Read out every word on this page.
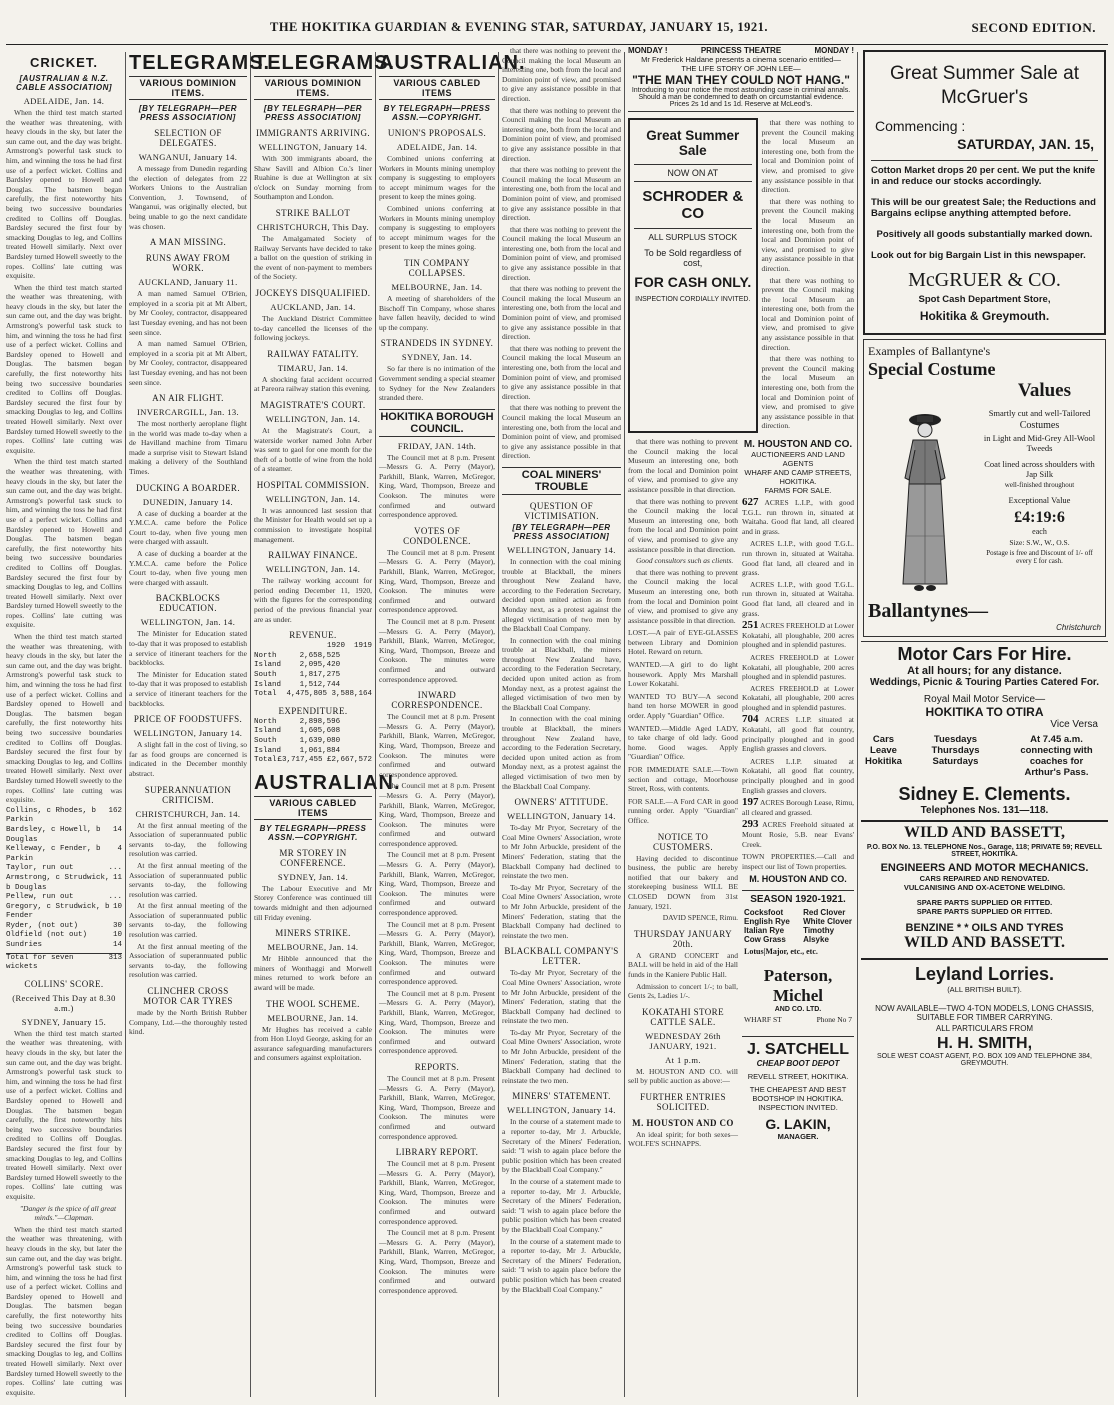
THE HOKITIKA GUARDIAN & EVENING STAR, SATURDAY, JANUARY 15, 1921.	SECOND EDITION.
CRICKET.
[AUSTRALIAN & N.Z. CABLE ASSOCIATION]
ADELAIDE, Jan. 14.

When the third test match started the weather was threatening, with heavy clouds in the sky, but later the sun came out, and the day was bright. Armstrong's powerful task stuck to him, and winning the toss he had first use of a perfect wicket. Collins and Bardsley opened to Howell and Douglas. The batsmen began carefully, the first noteworthy hits being two successive boundaries credited to Collins off Douglas. Bardsley secured the first four by smacking Douglas to leg, and Collins treated Howell similarly. Next over Bardsley turned Howell sweetly to the ropes. Collins' late cutting was exquisite.

When the third test match started the weather was threatening, with heavy clouds in the sky, but later the sun came out, and the day was bright. Armstrong's powerful task stuck to him, and winning the toss he had first use of a perfect wicket. Collins and Bardsley opened to Howell and Douglas. The batsmen began carefully, the first noteworthy hits being two successive boundaries credited to Collins off Douglas. Bardsley secured the first four by smacking Douglas to leg, and Collins treated Howell similarly. Next over Bardsley turned Howell sweetly to the ropes. Collins' late cutting was exquisite.

When the third test match started the weather was threatening, with heavy clouds in the sky, but later the sun came out, and the day was bright. Armstrong's powerful task stuck to him, and winning the toss he had first use of a perfect wicket. Collins and Bardsley opened to Howell and Douglas. The batsmen began carefully, the first noteworthy hits being two successive boundaries credited to Collins off Douglas. Bardsley secured the first four by smacking Douglas to leg, and Collins treated Howell similarly. Next over Bardsley turned Howell sweetly to the ropes. Collins' late cutting was exquisite.

When the third test match started the weather was threatening, with heavy clouds in the sky, but later the sun came out, and the day was bright. Armstrong's powerful task stuck to him, and winning the toss he had first use of a perfect wicket. Collins and Bardsley opened to Howell and Douglas. The batsmen began carefully, the first noteworthy hits being two successive boundaries credited to Collins off Douglas. Bardsley secured the first four by smacking Douglas to leg, and Collins treated Howell similarly. Next over Bardsley turned Howell sweetly to the ropes. Collins' late cutting was exquisite.

Collins, c Rhodes, b Parkin
162
Bardsley, c Howell, b Douglas
14
Kelleway, c Fender, b Parkin
4
Taylor, run out	...
Armstrong, c Strudwick, b Douglas
11
Pellew, run out	...
Gregory, c Strudwick, b Fender
10
Ryder, (not out)	30
Oldfield (not out)	10
Sundries	14
Total for seven wickets
313
COLLINS' SCORE.
(Received This Day at 8.30 a.m.)
SYDNEY, January 15.

When the third test match started the weather was threatening, with heavy clouds in the sky, but later the sun came out, and the day was bright. Armstrong's powerful task stuck to him, and winning the toss he had first use of a perfect wicket. Collins and Bardsley opened to Howell and Douglas. The batsmen began carefully, the first noteworthy hits being two successive boundaries credited to Collins off Douglas. Bardsley secured the first four by smacking Douglas to leg, and Collins treated Howell similarly. Next over Bardsley turned Howell sweetly to the ropes. Collins' late cutting was exquisite.

"Danger is the spice of all great minds."—Clapman.

When the third test match started the weather was threatening, with heavy clouds in the sky, but later the sun came out, and the day was bright. Armstrong's powerful task stuck to him, and winning the toss he had first use of a perfect wicket. Collins and Bardsley opened to Howell and Douglas. The batsmen began carefully, the first noteworthy hits being two successive boundaries credited to Collins off Douglas. Bardsley secured the first four by smacking Douglas to leg, and Collins treated Howell similarly. Next over Bardsley turned Howell sweetly to the ropes. Collins' late cutting was exquisite.

TELEGRAMS.
VARIOUS DOMINION ITEMS.
[BY TELEGRAPH—PER PRESS ASSOCIATION]
SELECTION OF DELEGATES.
WANGANUI, January 14.

A message from Dunedin regarding the election of delegates from 22 Workers Unions to the Australian Convention, J. Townsend, of Wanganui, was originally elected, but being unable to go the next candidate was chosen.

A MAN MISSING.
RUNS AWAY FROM WORK.
AUCKLAND, January 11.

A man named Samuel O'Brien, employed in a scoria pit at Mt Albert, by Mr Cooley, contractor, disappeared last Tuesday evening, and has not been seen since.

A man named Samuel O'Brien, employed in a scoria pit at Mt Albert, by Mr Cooley, contractor, disappeared last Tuesday evening, and has not been seen since.

AN AIR FLIGHT.
INVERCARGILL, Jan. 13.

The most northerly aeroplane flight in the world was made to-day when a de Havilland machine from Timaru made a surprise visit to Stewart Island making a delivery of the Southland Times.

DUCKING A BOARDER.
DUNEDIN, January 14.

A case of ducking a boarder at the Y.M.C.A. came before the Police Court to-day, when five young men were charged with assault.

A case of ducking a boarder at the Y.M.C.A. came before the Police Court to-day, when five young men were charged with assault.

BACKBLOCKS EDUCATION.
WELLINGTON, Jan. 14.

The Minister for Education stated to-day that it was proposed to establish a service of itinerant teachers for the backblocks.

The Minister for Education stated to-day that it was proposed to establish a service of itinerant teachers for the backblocks.

PRICE OF FOODSTUFFS.
WELLINGTON, January 14.

A slight fall in the cost of living, so far as food groups are concerned is indicated in the December monthly abstract.

SUPERANNUATION CRITICISM.
CHRISTCHURCH, Jan. 14.

At the first annual meeting of the Association of superannuated public servants to-day, the following resolution was carried.

At the first annual meeting of the Association of superannuated public servants to-day, the following resolution was carried.

At the first annual meeting of the Association of superannuated public servants to-day, the following resolution was carried.

At the first annual meeting of the Association of superannuated public servants to-day, the following resolution was carried.

CLINCHER CROSS MOTOR CAR TYRES

made by the North British Rubber Company, Ltd.—the thoroughly tested kind.

TELEGRAMS.
VARIOUS DOMINION ITEMS.
[BY TELEGRAPH—PER PRESS ASSOCIATION]
IMMIGRANTS ARRIVING.
WELLINGTON, January 14.

With 300 immigrants aboard, the Shaw Savill and Albion Co.'s liner Ruahine is due at Wellington at six o'clock on Sunday morning from Southampton and London.

STRIKE BALLOT
CHRISTCHURCH, This Day.

The Amalgamated Society of Railway Servants have decided to take a ballot on the question of striking in the event of non-payment to members of the Society.

JOCKEYS DISQUALIFIED.
AUCKLAND, Jan. 14.

The Auckland District Committee to-day cancelled the licenses of the following jockeys.

RAILWAY FATALITY.
TIMARU, Jan. 14.

A shocking fatal accident occurred at Pareora railway station this evening.

MAGISTRATE'S COURT.
WELLINGTON, Jan. 14.

At the Magistrate's Court, a waterside worker named John Arber was sent to gaol for one month for the theft of a bottle of wine from the hold of a steamer.

HOSPITAL COMMISSION.
WELLINGTON, Jan. 14.

It was announced last session that the Minister for Health would set up a commission to investigate hospital management.

RAILWAY FINANCE.
WELLINGTON, Jan. 14.

The railway working account for period ending December 11, 1920, with the figures for the corresponding period of the previous financial year are as under.

REVENUE.
1920 1919
North Island
2,658,525 2,095,420
South Island
1,817,275 1,512,744
Total 4,475,805 3,588,164
EXPENDITURE.
North Island
2,898,596 1,605,608
South Island
1,639,080 1,061,884
Total £3,717,455 £2,667,572
AUSTRALIAN.
VARIOUS CABLED ITEMS
BY TELEGRAPH—PRESS ASSN.—COPYRIGHT.
MR STOREY IN CONFERENCE.
SYDNEY, Jan. 14.

The Labour Executive and Mr Storey Conference was continued till towards midnight and then adjourned till Friday evening.

MINERS STRIKE.
MELBOURNE, Jan. 14.

Mr Hibble announced that the miners of Wonthaggi and Morwell mines returned to work before an award will be made.

THE WOOL SCHEME.
MELBOURNE, Jan. 14.

Mr Hughes has received a cable from Hon Lloyd George, asking for an assurance safeguarding manufacturers and consumers against exploitation.

AUSTRALIAN.
VARIOUS CABLED ITEMS
BY TELEGRAPH—PRESS ASSN.—COPYRIGHT.
UNION'S PROPOSALS.
ADELAIDE, Jan. 14.

Combined unions conferring at Workers in Mounts mining unemploy company is suggesting to employers to accept minimum wages for the present to keep the mines going.

Combined unions conferring at Workers in Mounts mining unemploy company is suggesting to employers to accept minimum wages for the present to keep the mines going.

TIN COMPANY COLLAPSES.
MELBOURNE, Jan. 14.

A meeting of shareholders of the Bischoff Tin Company, whose shares have fallen heavily, decided to wind up the company.

STRANDEDS IN SYDNEY.
SYDNEY, Jan. 14.

So far there is no intimation of the Government sending a special steamer to Sydney for the New Zealanders stranded there.

HOKITIKA BOROUGH COUNCIL.
FRIDAY, JAN. 14th.

The Council met at 8 p.m. Present—Messrs G. A. Perry (Mayor), Parkhill, Blank, Warren, McGregor, King, Ward, Thompson, Breeze and Cookson. The minutes were confirmed and outward correspondence approved.

VOTES OF CONDOLENCE.

The Council met at 8 p.m. Present—Messrs G. A. Perry (Mayor), Parkhill, Blank, Warren, McGregor, King, Ward, Thompson, Breeze and Cookson. The minutes were confirmed and outward correspondence approved.

The Council met at 8 p.m. Present—Messrs G. A. Perry (Mayor), Parkhill, Blank, Warren, McGregor, King, Ward, Thompson, Breeze and Cookson. The minutes were confirmed and outward correspondence approved.

INWARD CORRESPONDENCE.

The Council met at 8 p.m. Present—Messrs G. A. Perry (Mayor), Parkhill, Blank, Warren, McGregor, King, Ward, Thompson, Breeze and Cookson. The minutes were confirmed and outward correspondence approved.

The Council met at 8 p.m. Present—Messrs G. A. Perry (Mayor), Parkhill, Blank, Warren, McGregor, King, Ward, Thompson, Breeze and Cookson. The minutes were confirmed and outward correspondence approved.

The Council met at 8 p.m. Present—Messrs G. A. Perry (Mayor), Parkhill, Blank, Warren, McGregor, King, Ward, Thompson, Breeze and Cookson. The minutes were confirmed and outward correspondence approved.

The Council met at 8 p.m. Present—Messrs G. A. Perry (Mayor), Parkhill, Blank, Warren, McGregor, King, Ward, Thompson, Breeze and Cookson. The minutes were confirmed and outward correspondence approved.

The Council met at 8 p.m. Present—Messrs G. A. Perry (Mayor), Parkhill, Blank, Warren, McGregor, King, Ward, Thompson, Breeze and Cookson. The minutes were confirmed and outward correspondence approved.

REPORTS.

The Council met at 8 p.m. Present—Messrs G. A. Perry (Mayor), Parkhill, Blank, Warren, McGregor, King, Ward, Thompson, Breeze and Cookson. The minutes were confirmed and outward correspondence approved.

LIBRARY REPORT.

The Council met at 8 p.m. Present—Messrs G. A. Perry (Mayor), Parkhill, Blank, Warren, McGregor, King, Ward, Thompson, Breeze and Cookson. The minutes were confirmed and outward correspondence approved.

The Council met at 8 p.m. Present—Messrs G. A. Perry (Mayor), Parkhill, Blank, Warren, McGregor, King, Ward, Thompson, Breeze and Cookson. The minutes were confirmed and outward correspondence approved.

that there was nothing to prevent the Council making the local Museum an interesting one, both from the local and Dominion point of view, and promised to give any assistance possible in that direction.

that there was nothing to prevent the Council making the local Museum an interesting one, both from the local and Dominion point of view, and promised to give any assistance possible in that direction.

that there was nothing to prevent the Council making the local Museum an interesting one, both from the local and Dominion point of view, and promised to give any assistance possible in that direction.

that there was nothing to prevent the Council making the local Museum an interesting one, both from the local and Dominion point of view, and promised to give any assistance possible in that direction.

that there was nothing to prevent the Council making the local Museum an interesting one, both from the local and Dominion point of view, and promised to give any assistance possible in that direction.

that there was nothing to prevent the Council making the local Museum an interesting one, both from the local and Dominion point of view, and promised to give any assistance possible in that direction.

that there was nothing to prevent the Council making the local Museum an interesting one, both from the local and Dominion point of view, and promised to give any assistance possible in that direction.

COAL MINERS' TROUBLE
QUESTION OF VICTIMISATION.
[BY TELEGRAPH—PER PRESS ASSOCIATION]
WELLINGTON, January 14.

In connection with the coal mining trouble at Blackball, the miners throughout New Zealand have, according to the Federation Secretary, decided upon united action as from Monday next, as a protest against the alleged victimisation of two men by the Blackball Coal Company.

In connection with the coal mining trouble at Blackball, the miners throughout New Zealand have, according to the Federation Secretary, decided upon united action as from Monday next, as a protest against the alleged victimisation of two men by the Blackball Coal Company.

In connection with the coal mining trouble at Blackball, the miners throughout New Zealand have, according to the Federation Secretary, decided upon united action as from Monday next, as a protest against the alleged victimisation of two men by the Blackball Coal Company.

OWNERS' ATTITUDE.
WELLINGTON, January 14.

To-day Mr Pryor, Secretary of the Coal Mine Owners' Association, wrote to Mr John Arbuckle, president of the Miners' Federation, stating that the Blackball Company had declined to reinstate the two men.

To-day Mr Pryor, Secretary of the Coal Mine Owners' Association, wrote to Mr John Arbuckle, president of the Miners' Federation, stating that the Blackball Company had declined to reinstate the two men.

BLACKBALL COMPANY'S LETTER.

To-day Mr Pryor, Secretary of the Coal Mine Owners' Association, wrote to Mr John Arbuckle, president of the Miners' Federation, stating that the Blackball Company had declined to reinstate the two men.

To-day Mr Pryor, Secretary of the Coal Mine Owners' Association, wrote to Mr John Arbuckle, president of the Miners' Federation, stating that the Blackball Company had declined to reinstate the two men.

MINERS' STATEMENT.
WELLINGTON, January 14.

In the course of a statement made to a reporter to-day, Mr J. Arbuckle, Secretary of the Miners' Federation, said: "I wish to again place before the public position which has been created by the Blackball Coal Company."

In the course of a statement made to a reporter to-day, Mr J. Arbuckle, Secretary of the Miners' Federation, said: "I wish to again place before the public position which has been created by the Blackball Coal Company."

In the course of a statement made to a reporter to-day, Mr J. Arbuckle, Secretary of the Miners' Federation, said: "I wish to again place before the public position which has been created by the Blackball Coal Company."

MONDAY !	PRINCESS THEATRE	MONDAY !
Mr Frederick Haldane presents a cinema scenario entitled—
THE LIFE STORY OF JOHN LEE—
"THE MAN THEY COULD NOT HANG."
Introducing to your notice the most astounding case in criminal annals.
Should a man be condemned to death on circumstantial evidence.
Prices 2s 1d and 1s 1d. Reserve at McLeod's.
Great Summer Sale
NOW ON AT
SCHRODER & CO
ALL SURPLUS STOCK
To be Sold regardless of cost,
FOR CASH ONLY.
INSPECTION CORDIALLY INVITED.

that there was nothing to prevent the Council making the local Museum an interesting one, both from the local and Dominion point of view, and promised to give any assistance possible in that direction.

that there was nothing to prevent the Council making the local Museum an interesting one, both from the local and Dominion point of view, and promised to give any assistance possible in that direction.

that there was nothing to prevent the Council making the local Museum an interesting one, both from the local and Dominion point of view, and promised to give any assistance possible in that direction.

that there was nothing to prevent the Council making the local Museum an interesting one, both from the local and Dominion point of view, and promised to give any assistance possible in that direction.

that there was nothing to prevent the Council making the local Museum an interesting one, both from the local and Dominion point of view, and promised to give any assistance possible in that direction.

that there was nothing to prevent the Council making the local Museum an interesting one, both from the local and Dominion point of view, and promised to give any assistance possible in that direction.

Good consultors such as clients.

that there was nothing to prevent the Council making the local Museum an interesting one, both from the local and Dominion point of view, and promised to give any assistance possible in that direction.

LOST.—A pair of EYE-GLASSES between Library and Dominion Hotel. Reward on return.

WANTED.—A girl to do light housework. Apply Mrs Marshall Lower Kokatahi.

WANTED TO BUY—A second hand ten horse MOWER in good order. Apply "Guardian" Office.

WANTED.—Middle Aged LADY, to take charge of old lady. Good home. Good wages. Apply "Guardian" Office.

FOR IMMEDIATE SALE.—Town section and cottage, Moorhouse Street, Ross, with contents.

FOR SALE.—A Ford CAR in good running order. Apply "Guardian" Office.

NOTICE TO CUSTOMERS.

Having decided to discontinue business, the public are hereby notified that our bakery and storekeeping business WILL BE CLOSED DOWN from 31st January, 1921.

DAVID SPENCE, Rimu.

THURSDAY JANUARY 20th.

A GRAND CONCERT and BALL will be held in aid of the Hall funds in the Kaniere Public Hall.

Admission to concert 1/-; to ball, Gents 2s, Ladies 1/-.

KOKATAHI STORE CATTLE SALE.
WEDNESDAY 26th JANUARY, 1921.
At 1 p.m.

M. HOUSTON AND CO. will sell by public auction as above:—

FURTHER ENTRIES SOLICITED.
M. HOUSTON AND CO

An ideal spirit; for both sexes—WOLFE'S SCHNAPPS.

M. HOUSTON AND CO.
AUCTIONEERS AND LAND AGENTS
WHARF AND CAMP STREETS,
HOKITIKA.
FARMS FOR SALE.

627 ACRES L.I.P., with good T.G.L. run thrown in, situated at Waitaha. Good flat land, all cleared and in grass.

ACRES L.I.P., with good T.G.L. run thrown in, situated at Waitaha. Good flat land, all cleared and in grass.

ACRES L.I.P., with good T.G.L. run thrown in, situated at Waitaha. Good flat land, all cleared and in grass.

251 ACRES FREEHOLD at Lower Kokatahi, all ploughable, 200 acres ploughed and in splendid pastures.

ACRES FREEHOLD at Lower Kokatahi, all ploughable, 200 acres ploughed and in splendid pastures.

ACRES FREEHOLD at Lower Kokatahi, all ploughable, 200 acres ploughed and in splendid pastures.

704 ACRES L.I.P. situated at Kokatahi, all good flat country, principally ploughed and in good English grasses and clovers.

ACRES L.I.P. situated at Kokatahi, all good flat country, principally ploughed and in good English grasses and clovers.

197 ACRES Borough Lease, Rimu, all cleared and grassed.

293 ACRES Freehold situated at Mount Rosie, 5.B. near Evans' Creek.

TOWN PROPERTIES.—Call and inspect our list of Town properties.

M. HOUSTON AND CO.
SEASON 1920-1921.
Cocksfoot
English Rye
Italian Rye
Cow Grass
Red Clover
White Clover
Timothy
Alsyke
Lotus|Major, etc., etc.
Paterson, Michel
AND CO. LTD.
WHARF ST	Phone No 7
J. SATCHELL
CHEAP BOOT DEPOT
REVELL STREET, HOKITIKA.
THE CHEAPEST AND BEST BOOTSHOP IN HOKITIKA. INSPECTION INVITED.
G. LAKIN,
MANAGER.
Great Summer Sale at McGruer's
Commencing :
SATURDAY, JAN. 15,
Cotton Market drops 20 per cent. We put the knife in and reduce our stocks accordingly.
This will be our greatest Sale; the Reductions and Bargains eclipse anything attempted before.
Positively all goods substantially marked down.
Look out for big Bargain List in this newspaper.
McGRUER & CO.
Spot Cash Department Store,
Hokitika & Greymouth.
Examples of Ballantyne's
Special Costume
Values
Smartly cut and well-Tailored
Costumes
in Light and Mid-Grey All-Wool Tweeds
Coat lined across shoulders with Jap Silk
well-finished throughout
Exceptional Value
£4:19:6
each
Size: S.W., W., O.S.
Postage is free and Discount of 1/- off every £ for cash.
Ballantynes—
Christchurch
Motor Cars For Hire.
At all hours; for any distance.
Weddings, Picnic & Touring Parties Catered For.
Royal Mail Motor Service—
HOKITIKA TO OTIRA
Vice Versa
Cars
Leave
Hokitika
Tuesdays
Thursdays
Saturdays
At 7.45 a.m. connecting with coaches for
Arthur's Pass.
Sidney E. Clements.
Telephones Nos. 131—118.
WILD AND BASSETT,
P.O. BOX No. 13. TELEPHONE Nos., Garage, 118; PRIVATE 59; REVELL STREET, HOKITIKA.
ENGINEERS AND MOTOR MECHANICS.
CARS REPAIRED AND RENOVATED.
VULCANISING AND OX-ACETONE WELDING.
SPARE PARTS SUPPLIED OR FITTED.
SPARE PARTS SUPPLIED OR FITTED.
BENZINE * * OILS AND TYRES
WILD AND BASSETT.
Leyland Lorries.
(ALL BRITISH BUILT).
NOW AVAILABLE—TWO 4-TON MODELS, LONG CHASSIS, SUITABLE FOR TIMBER CARRYING.
ALL PARTICULARS FROM
H. H. SMITH,
SOLE WEST COAST AGENT, P.O. BOX 109 AND TELEPHONE 384, GREYMOUTH.
